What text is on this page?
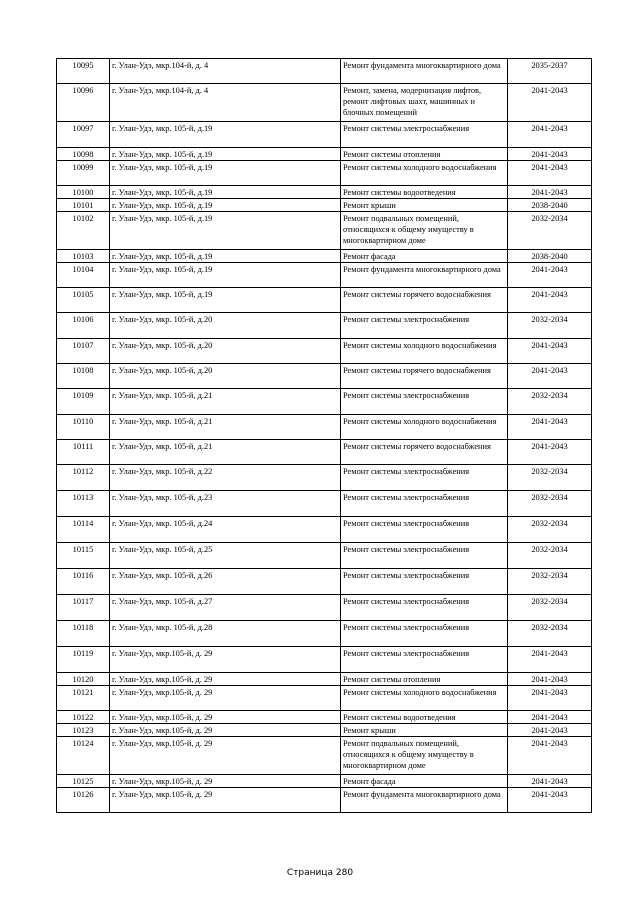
10095	г. Улан-Удэ, мкр.104-й, д. 4	Ремонт фундамента многоквартирного дома	2035-2037
10096	г. Улан-Удэ, мкр.104-й, д. 4	Ремонт, замена, модернизация лифтов, ремонт лифтовых шахт, машинных и блочных помещений	2041-2043
10097	г. Улан-Удэ, мкр. 105-й, д.19	Ремонт системы электроснабжения	2041-2043
10098	г. Улан-Удэ, мкр. 105-й, д.19	Ремонт системы отопления	2041-2043
10099	г. Улан-Удэ, мкр. 105-й, д.19	Ремонт системы холодного водоснабжения	2041-2043
10100	г. Улан-Удэ, мкр. 105-й, д.19	Ремонт системы водоотведения	2041-2043
10101	г. Улан-Удэ, мкр. 105-й, д.19	Ремонт крыши	2038-2040
10102	г. Улан-Удэ, мкр. 105-й, д.19	Ремонт подвальных помещений, относящихся к общему имуществу в многоквартирном доме	2032-2034
10103	г. Улан-Удэ, мкр. 105-й, д.19	Ремонт фасада	2038-2040
10104	г. Улан-Удэ, мкр. 105-й, д.19	Ремонт фундамента многоквартирного дома	2041-2043
10105	г. Улан-Удэ, мкр. 105-й, д.19	Ремонт системы горячего водоснабжения	2041-2043
10106	г. Улан-Удэ, мкр. 105-й, д.20	Ремонт системы электроснабжения	2032-2034
10107	г. Улан-Удэ, мкр. 105-й, д.20	Ремонт системы холодного водоснабжения	2041-2043
10108	г. Улан-Удэ, мкр. 105-й, д.20	Ремонт системы горячего водоснабжения	2041-2043
10109	г. Улан-Удэ, мкр. 105-й, д.21	Ремонт системы электроснабжения	2032-2034
10110	г. Улан-Удэ, мкр. 105-й, д.21	Ремонт системы холодного водоснабжения	2041-2043
10111	г. Улан-Удэ, мкр. 105-й, д.21	Ремонт системы горячего водоснабжения	2041-2043
10112	г. Улан-Удэ, мкр. 105-й, д.22	Ремонт системы электроснабжения	2032-2034
10113	г. Улан-Удэ, мкр. 105-й, д.23	Ремонт системы электроснабжения	2032-2034
10114	г. Улан-Удэ, мкр. 105-й, д.24	Ремонт системы электроснабжения	2032-2034
10115	г. Улан-Удэ, мкр. 105-й, д.25	Ремонт системы электроснабжения	2032-2034
10116	г. Улан-Удэ, мкр. 105-й, д.26	Ремонт системы электроснабжения	2032-2034
10117	г. Улан-Удэ, мкр. 105-й, д.27	Ремонт системы электроснабжения	2032-2034
10118	г. Улан-Удэ, мкр. 105-й, д.28	Ремонт системы электроснабжения	2032-2034
10119	г. Улан-Удэ, мкр.105-й, д. 29	Ремонт системы электроснабжения	2041-2043
10120	г. Улан-Удэ, мкр.105-й, д. 29	Ремонт системы отопления	2041-2043
10121	г. Улан-Удэ, мкр.105-й, д. 29	Ремонт системы холодного водоснабжения	2041-2043
10122	г. Улан-Удэ, мкр.105-й, д. 29	Ремонт системы водоотведения	2041-2043
10123	г. Улан-Удэ, мкр.105-й, д. 29	Ремонт крыши	2041-2043
10124	г. Улан-Удэ, мкр.105-й, д. 29	Ремонт подвальных помещений, относящихся к общему имуществу в многоквартирном доме	2041-2043
10125	г. Улан-Удэ, мкр.105-й, д. 29	Ремонт фасада	2041-2043
10126	г. Улан-Удэ, мкр.105-й, д. 29	Ремонт фундамента многоквартирного дома	2041-2043
Страница 280
